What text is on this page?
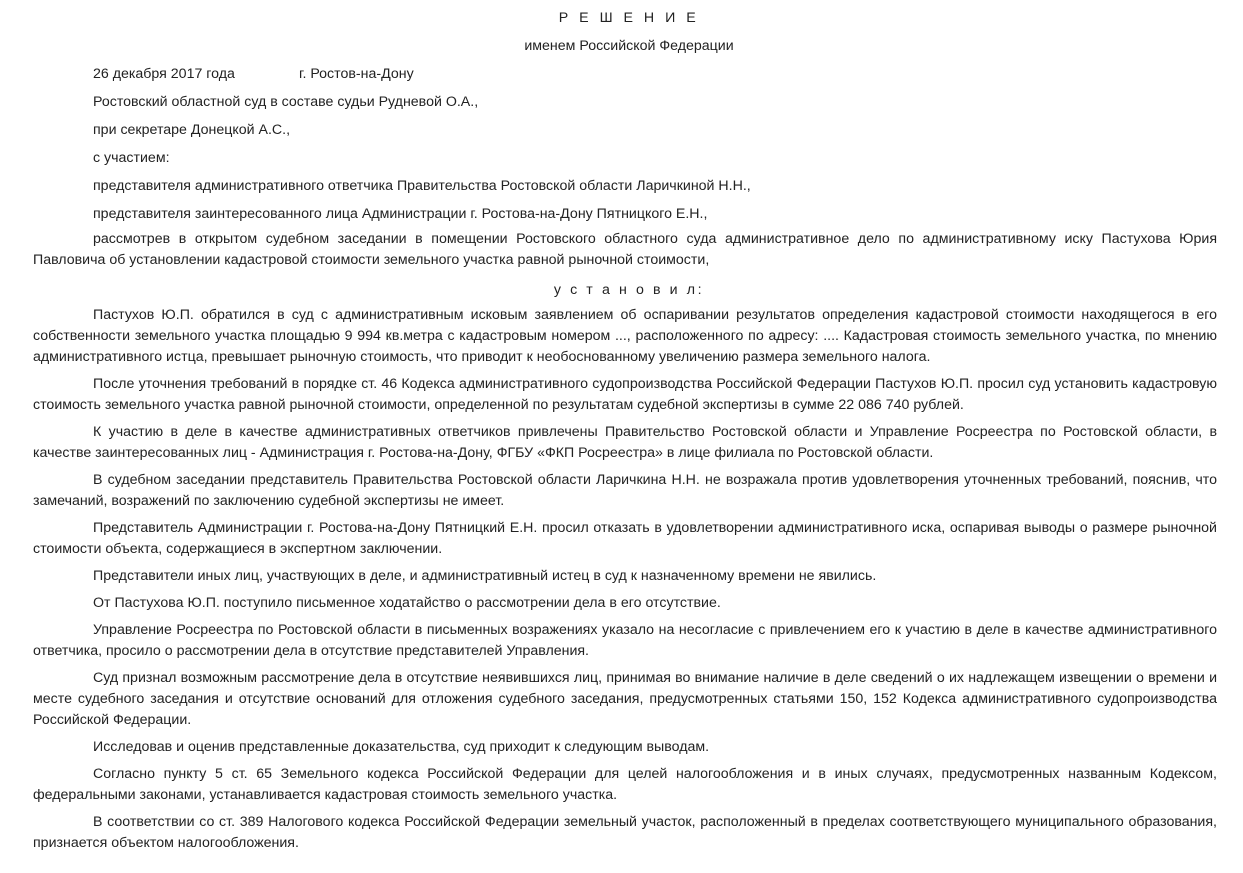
Р Е Ш Е Н И Е
именем Российской Федерации
26 декабря 2017 года	г. Ростов-на-Дону
Ростовский областной суд в составе судьи Рудневой О.А.,
при секретаре Донецкой А.С.,
с участием:
представителя административного ответчика Правительства Ростовской области Ларичкиной Н.Н.,
представителя заинтересованного лица Администрации г. Ростова-на-Дону Пятницкого Е.Н.,

рассмотрев в открытом судебном заседании в помещении Ростовского областного суда административное дело по административному иску Пастухова Юрия Павловича об установлении кадастровой стоимости земельного участка равной рыночной стоимости,

у с т а н о в и л:

Пастухов Ю.П. обратился в суд с административным исковым заявлением об оспаривании результатов определения кадастровой стоимости находящегося в его собственности земельного участка площадью 9 994 кв.метра с кадастровым номером ..., расположенного по адресу: .... Кадастровая стоимость земельного участка, по мнению административного истца, превышает рыночную стоимость, что приводит к необоснованному увеличению размера земельного налога.

После уточнения требований в порядке ст. 46 Кодекса административного судопроизводства Российской Федерации Пастухов Ю.П. просил суд установить кадастровую стоимость земельного участка равной рыночной стоимости, определенной по результатам судебной экспертизы в сумме 22 086 740 рублей.

К участию в деле в качестве административных ответчиков привлечены Правительство Ростовской области и Управление Росреестра по Ростовской области, в качестве заинтересованных лиц - Администрация г. Ростова-на-Дону, ФГБУ «ФКП Росреестра» в лице филиала по Ростовской области.

В судебном заседании представитель Правительства Ростовской области Ларичкина Н.Н. не возражала против удовлетворения уточненных требований, пояснив, что замечаний, возражений по заключению судебной экспертизы не имеет.

Представитель Администрации г. Ростова-на-Дону Пятницкий Е.Н. просил отказать в удовлетворении административного иска, оспаривая выводы о размере рыночной стоимости объекта, содержащиеся в экспертном заключении.

Представители иных лиц, участвующих в деле, и административный истец в суд к назначенному времени не явились.

От Пастухова Ю.П. поступило письменное ходатайство о рассмотрении дела в его отсутствие.

Управление Росреестра по Ростовской области в письменных возражениях указало на несогласие с привлечением его к участию в деле в качестве административного ответчика, просило о рассмотрении дела в отсутствие представителей Управления.

Суд признал возможным рассмотрение дела в отсутствие неявившихся лиц, принимая во внимание наличие в деле сведений о их надлежащем извещении о времени и месте судебного заседания и отсутствие оснований для отложения судебного заседания, предусмотренных статьями 150, 152 Кодекса административного судопроизводства Российской Федерации.

Исследовав и оценив представленные доказательства, суд приходит к следующим выводам.

Согласно пункту 5 ст. 65 Земельного кодекса Российской Федерации для целей налогообложения и в иных случаях, предусмотренных названным Кодексом, федеральными законами, устанавливается кадастровая стоимость земельного участка.

В соответствии со ст. 389 Налогового кодекса Российской Федерации земельный участок, расположенный в пределах соответствующего муниципального образования, признается объектом налогообложения.
